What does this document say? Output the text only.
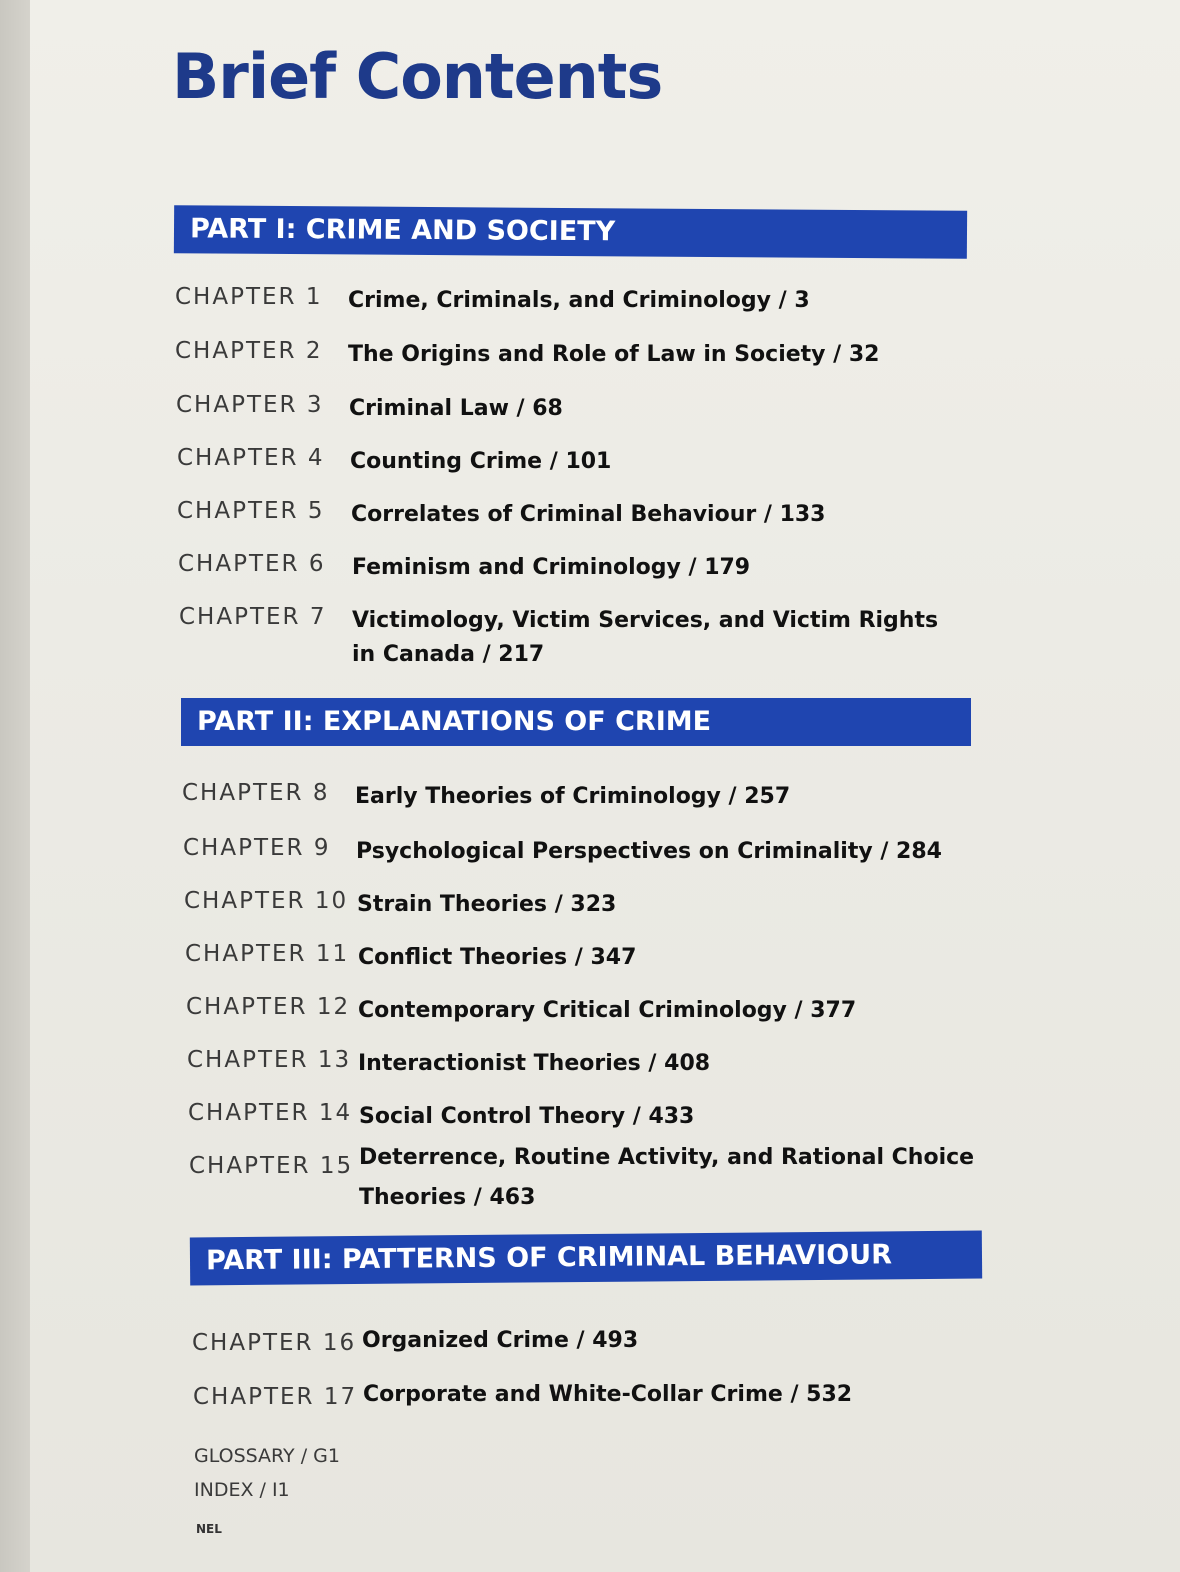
Brief Contents
PART I: CRIME AND SOCIETY
CHAPTER 1 Crime, Criminals, and Criminology / 3
CHAPTER 2 The Origins and Role of Law in Society / 32
CHAPTER 3 Criminal Law / 68
CHAPTER 4 Counting Crime / 101
CHAPTER 5 Correlates of Criminal Behaviour / 133
CHAPTER 6 Feminism and Criminology / 179
CHAPTER 7 Victimology, Victim Services, and Victim Rights
in Canada / 217
PART II: EXPLANATIONS OF CRIME
CHAPTER 8 Early Theories of Criminology / 257
CHAPTER 9 Psychological Perspectives on Criminality / 284
CHAPTER 10 Strain Theories / 323
CHAPTER 11 Conflict Theories / 347
CHAPTER 12 Contemporary Critical Criminology / 377
CHAPTER 13 Interactionist Theories / 408
CHAPTER 14 Social Control Theory / 433
CHAPTER 15 Deterrence, Routine Activity, and Rational Choice
Theories / 463
PART III: PATTERNS OF CRIMINAL BEHAVIOUR
CHAPTER 16 Organized Crime / 493
CHAPTER 17 Corporate and White-Collar Crime / 532
GLOSSARY / G1
INDEX / I1
NEL
